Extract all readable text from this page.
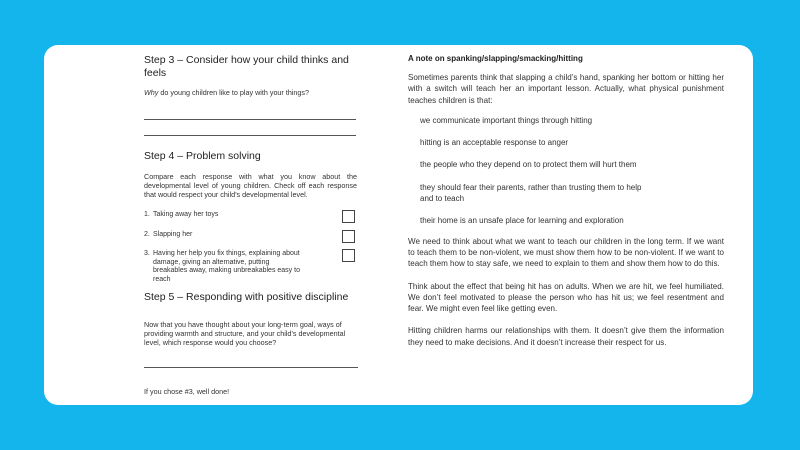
Step 3 – Consider how your child thinks and feels
Why do young children like to play with your things?
Step 4 – Problem solving
Compare each response with what you know about the developmental level of young children. Check off each response that would respect your child’s developmental level.
1. Taking away her toys
2. Slapping her
3. Having her help you fix things, explaining about damage, giving an alternative, putting breakables away, making unbreakables easy to reach
Step 5 – Responding with positive discipline
Now that you have thought about your long-term goal, ways of providing warmth and structure, and your child’s developmental level, which response would you choose?
If you chose #3, well done!
A note on spanking/slapping/smacking/hitting

Sometimes parents think that slapping a child’s hand, spanking her bottom or hitting her with a switch will teach her an important lesson. Actually, what physical punishment teaches children is that:

we communicate important things through hitting

hitting is an acceptable response to anger

the people who they depend on to protect them will hurt them

they should fear their parents, rather than trusting them to help and to teach

their home is an unsafe place for learning and exploration

We need to think about what we want to teach our children in the long term. If we want to teach them to be non-violent, we must show them how to be non-violent. If we want to teach them how to stay safe, we need to explain to them and show them how to do this.

Think about the effect that being hit has on adults. When we are hit, we feel humiliated. We don’t feel motivated to please the person who has hit us; we feel resentment and fear. We might even feel like getting even.

Hitting children harms our relationships with them. It doesn’t give them the information they need to make decisions. And it doesn’t increase their respect for us.
